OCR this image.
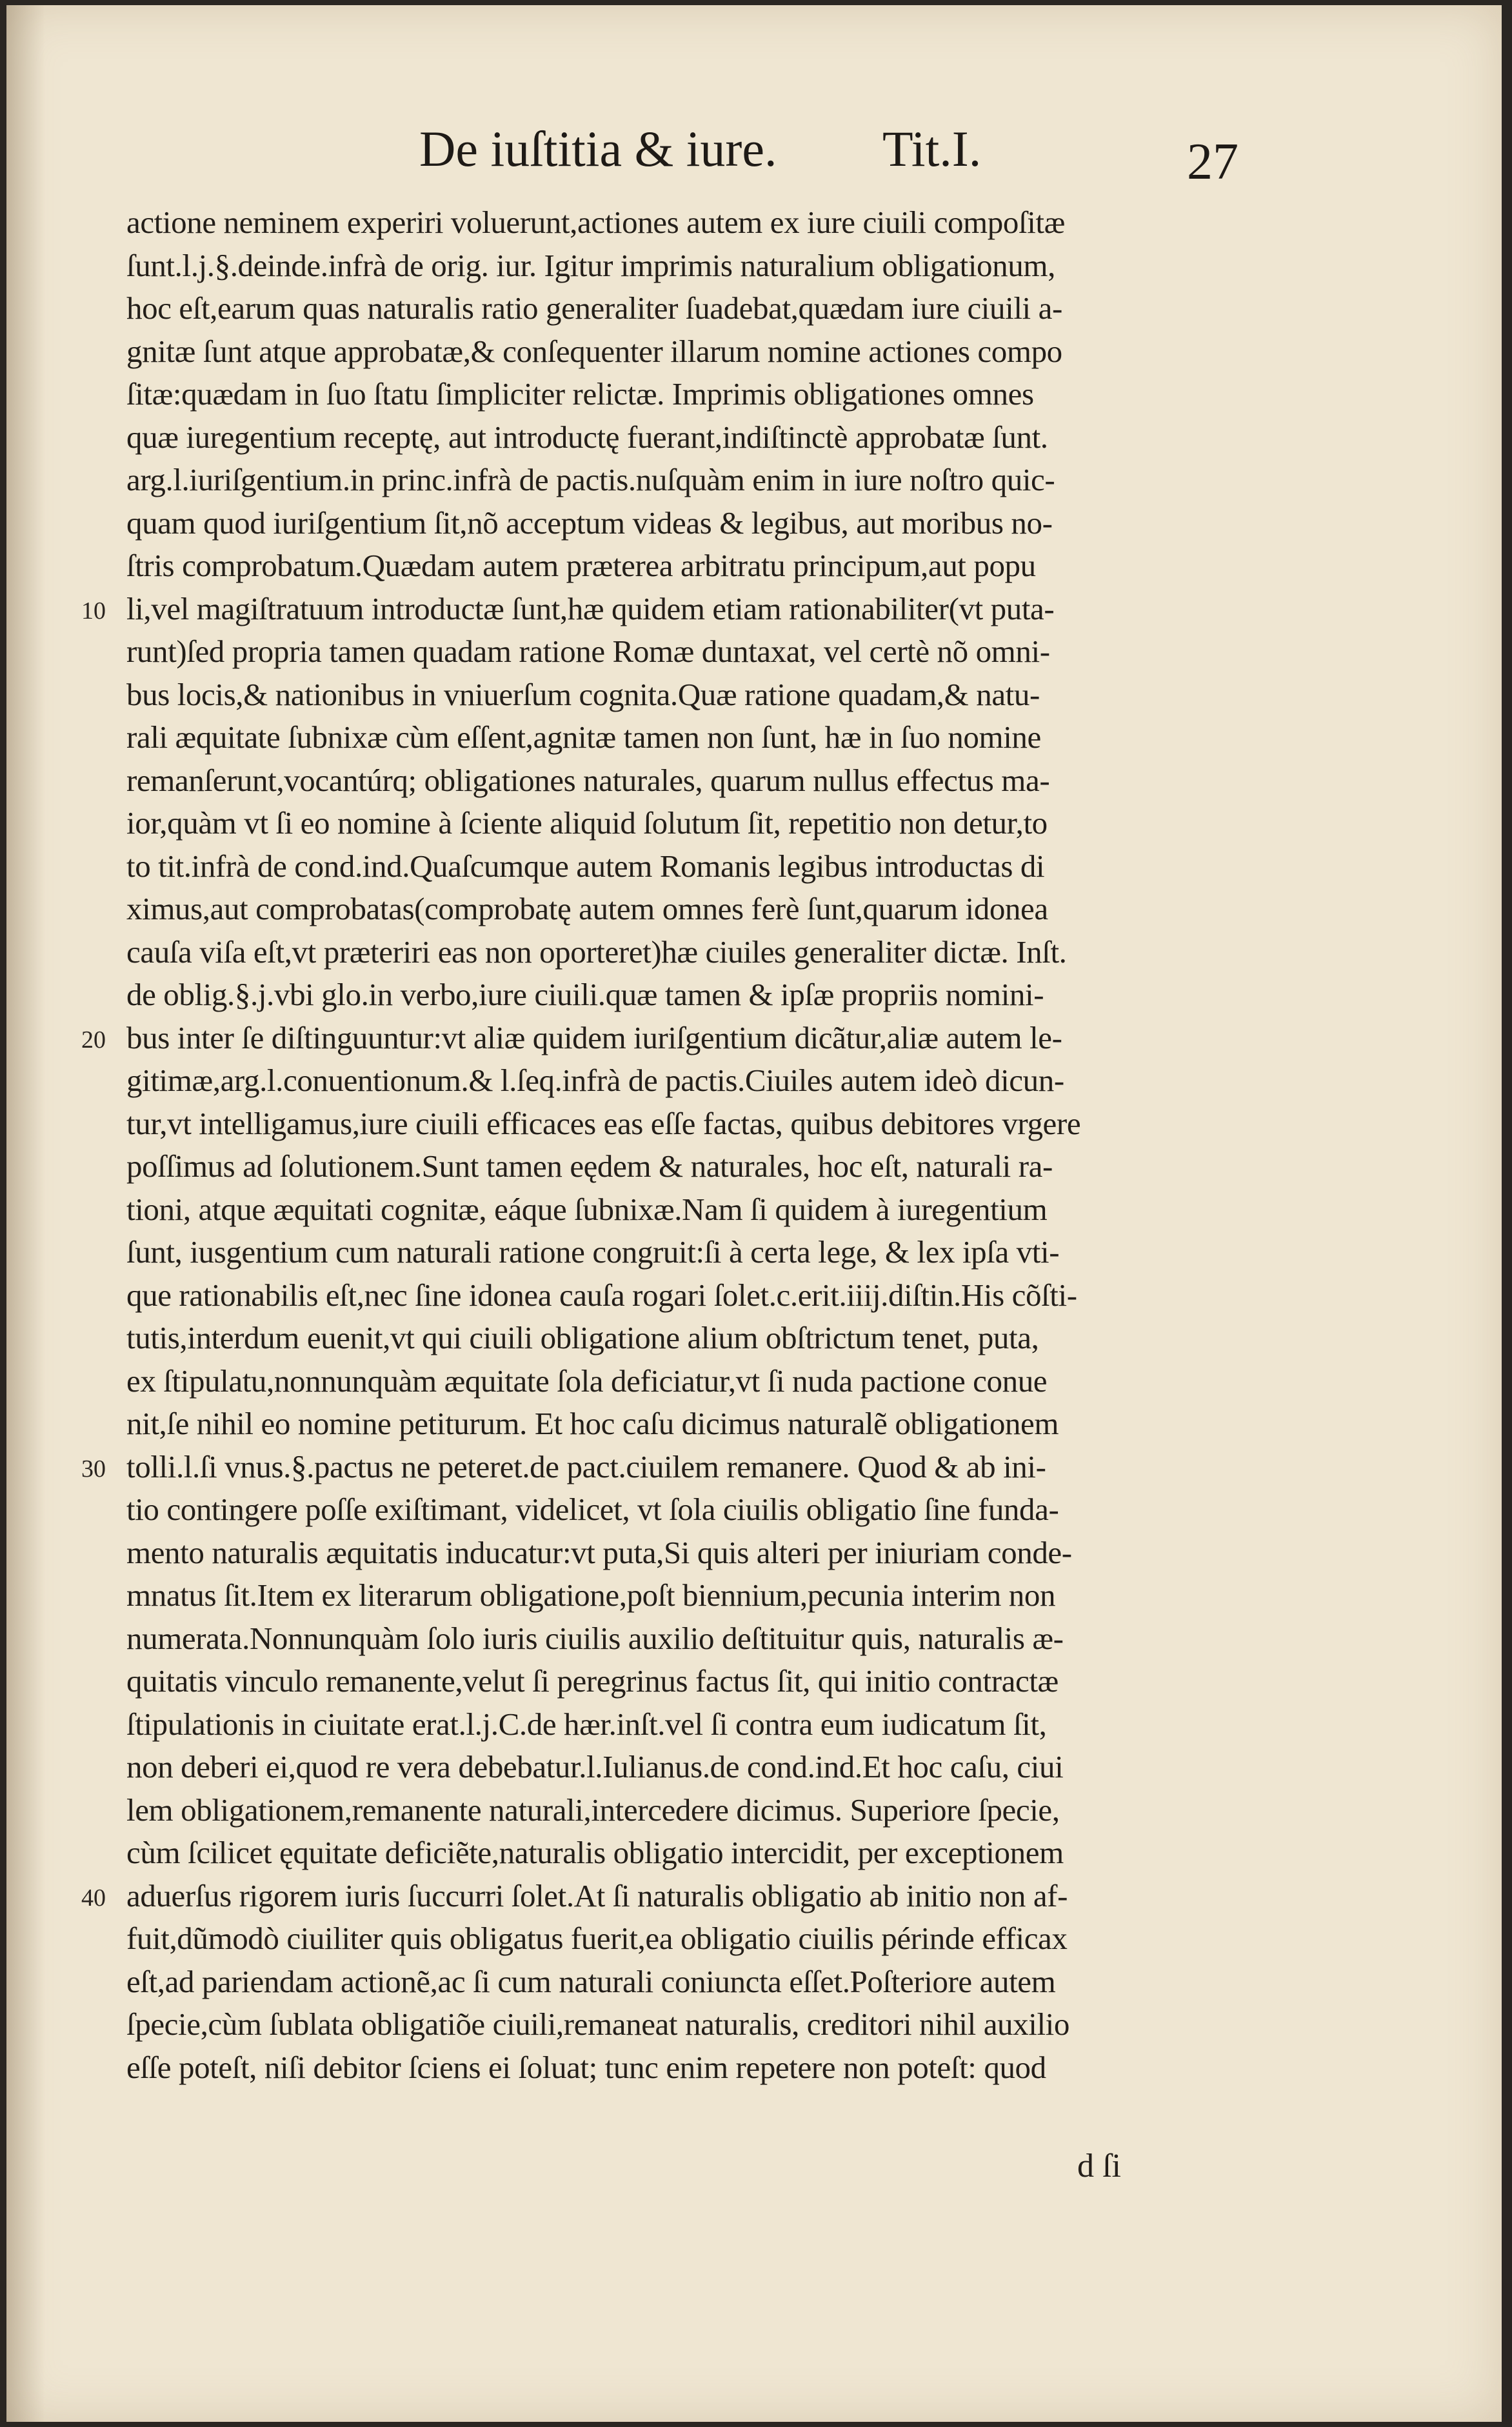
De iuſtitia & iure. Tit.I.	27
actione neminem experiri voluerunt,actiones autem ex iure ciuili compoſitæ
ſunt.l.j.§.deinde.infrà de orig. iur. Igitur imprimis naturalium obligationum,
hoc eſt,earum quas naturalis ratio generaliter ſuadebat,quædam iure ciuili a-
gnitæ ſunt atque approbatæ,& conſequenter illarum nomine actiones compo
ſitæ:quædam in ſuo ſtatu ſimpliciter relictæ. Imprimis obligationes omnes
quæ iuregentium receptę, aut introductę fuerant,indiſtinctè approbatæ ſunt.
arg.l.iuriſgentium.in princ.infrà de pactis.nuſquàm enim in iure noſtro quic-
quam quod iuriſgentium ſit,nõ acceptum videas & legibus, aut moribus no-
ſtris comprobatum.Quædam autem præterea arbitratu principum,aut popu
li,vel magiſtratuum introductæ ſunt,hæ quidem etiam rationabiliter(vt puta-
runt)ſed propria tamen quadam ratione Romæ duntaxat, vel certè nõ omni-
bus locis,& nationibus in vniuerſum cognita.Quæ ratione quadam,& natu-
rali æquitate ſubnixæ cùm eſſent,agnitæ tamen non ſunt, hæ in ſuo nomine
remanſerunt,vocantúrq; obligationes naturales, quarum nullus effectus ma-
ior,quàm vt ſi eo nomine à ſciente aliquid ſolutum ſit, repetitio non detur,to
to tit.infrà de cond.ind.Quaſcumque autem Romanis legibus introductas di
ximus,aut comprobatas(comprobatę autem omnes ferè ſunt,quarum idonea
cauſa viſa eſt,vt præteriri eas non oporteret)hæ ciuiles generaliter dictæ. Inſt.
de oblig.§.j.vbi glo.in verbo,iure ciuili.quæ tamen & ipſæ propriis nomini-
bus inter ſe diſtinguuntur:vt aliæ quidem iuriſgentium dicãtur,aliæ autem le-
gitimæ,arg.l.conuentionum.& l.ſeq.infrà de pactis.Ciuiles autem ideò dicun-
tur,vt intelligamus,iure ciuili efficaces eas eſſe factas, quibus debitores vrgere
poſſimus ad ſolutionem.Sunt tamen eędem & naturales, hoc eſt, naturali ra-
tioni, atque æquitati cognitæ, eáque ſubnixæ.Nam ſi quidem à iuregentium
ſunt, iusgentium cum naturali ratione congruit:ſi à certa lege, & lex ipſa vti-
que rationabilis eſt,nec ſine idonea cauſa rogari ſolet.c.erit.iiij.diſtin.His cõſti-
tutis,interdum euenit,vt qui ciuili obligatione alium obſtrictum tenet, puta,
ex ſtipulatu,nonnunquàm æquitate ſola deficiatur,vt ſi nuda pactione conue
nit,ſe nihil eo nomine petiturum. Et hoc caſu dicimus naturalẽ obligationem
tolli.l.ſi vnus.§.pactus ne peteret.de pact.ciuilem remanere. Quod & ab ini-
tio contingere poſſe exiſtimant, videlicet, vt ſola ciuilis obligatio ſine funda-
mento naturalis æquitatis inducatur:vt puta,Si quis alteri per iniuriam conde-
mnatus ſit.Item ex literarum obligatione,poſt biennium,pecunia interim non
numerata.Nonnunquàm ſolo iuris ciuilis auxilio deſtituitur quis, naturalis æ-
quitatis vinculo remanente,velut ſi peregrinus factus ſit, qui initio contractæ
ſtipulationis in ciuitate erat.l.j.C.de hær.inſt.vel ſi contra eum iudicatum ſit,
non deberi ei,quod re vera debebatur.l.Iulianus.de cond.ind.Et hoc caſu, ciui
lem obligationem,remanente naturali,intercedere dicimus. Superiore ſpecie,
cùm ſcilicet ęquitate deficiẽte,naturalis obligatio intercidit, per exceptionem
aduerſus rigorem iuris ſuccurri ſolet.At ſi naturalis obligatio ab initio non af-
fuit,dũmodò ciuiliter quis obligatus fuerit,ea obligatio ciuilis périnde efficax
eſt,ad pariendam actionẽ,ac ſi cum naturali coniuncta eſſet.Poſteriore autem
ſpecie,cùm ſublata obligatiõe ciuili,remaneat naturalis, creditori nihil auxilio
eſſe poteſt, niſi debitor ſciens ei ſoluat; tunc enim repetere non poteſt: quod
10
20
30
40
d ſi
